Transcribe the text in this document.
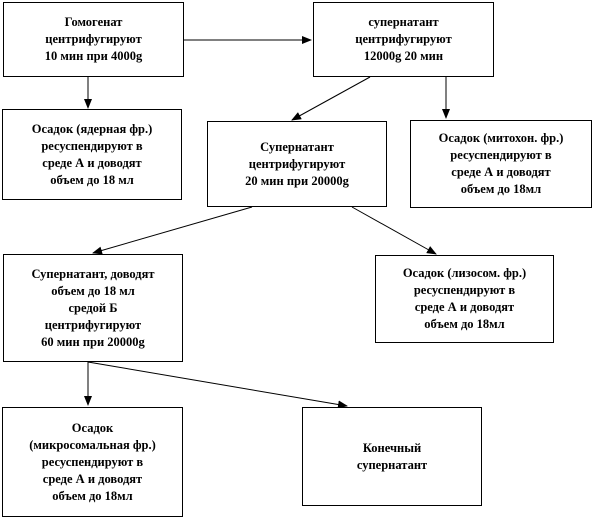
Гомогенат
центрифугируют
10 мин при 4000g
супернатант
центрифугируют
12000g 20 мин
Осадок (ядерная фр.)
ресуспендируют в
среде А и доводят
объем до 18 мл
Супернатант
центрифугируют
20 мин при 20000g
Осадок (митохон. фр.)
ресуспендируют в
среде А и доводят
объем до 18мл
Супернатант, доводят
объем до 18 мл
средой Б
центрифугируют
60 мин при 20000g
Осадок (лизосом. фр.)
ресуспендируют в
среде А и доводят
объем до 18мл
Осадок
(микросомальная фр.)
ресуспендируют в
среде А и доводят
объем до 18мл
Конечный
супернатант
